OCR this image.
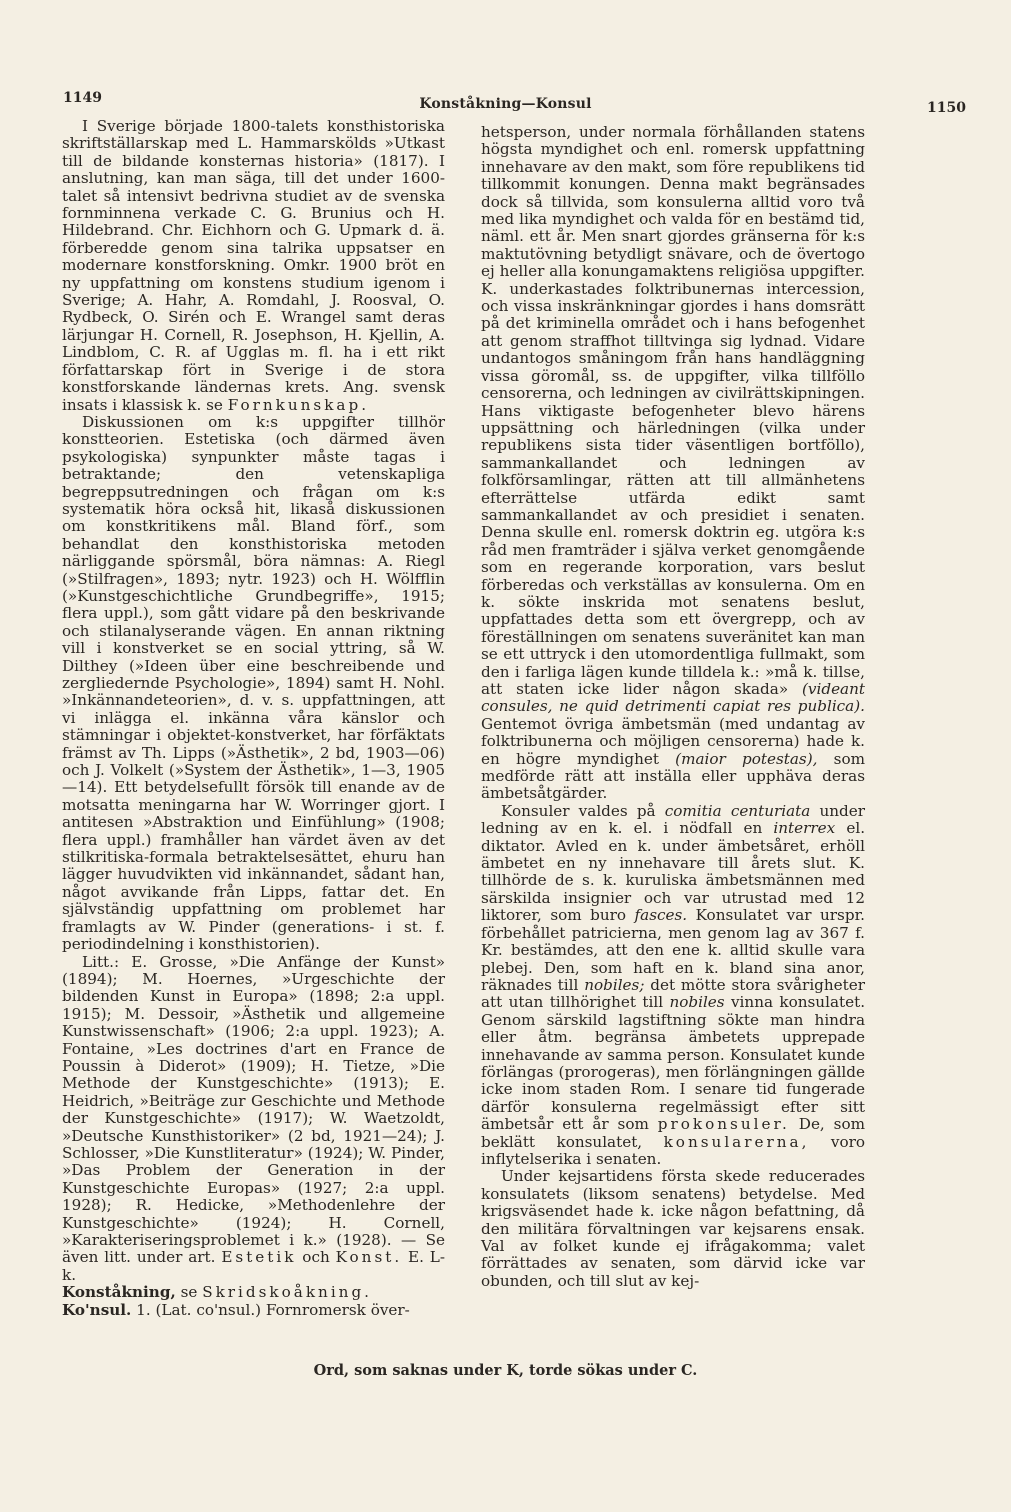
1149	Konståkning—Konsul	1150

I Sverige började 1800-talets konsthistoriska skriftställarskap med L. Hammarskölds »Utkast till de bildande konsternas historia» (1817). I anslutning, kan man säga, till det under 1600-talet så intensivt bedrivna studiet av de svenska fornminnena verkade C. G. Brunius och H. Hildebrand. Chr. Eichhorn och G. Upmark d. ä. förberedde genom sina talrika uppsatser en modernare konstforskning. Omkr. 1900 bröt en ny uppfattning om konstens studium igenom i Sverige; A. Hahr, A. Romdahl, J. Roosval, O. Rydbeck, O. Sirén och E. Wrangel samt deras lärjungar H. Cornell, R. Josephson, H. Kjellin, A. Lindblom, C. R. af Ugglas m. fl. ha i ett rikt författarskap fört in Sverige i de stora konstforskande ländernas krets. Ang. svensk insats i klassisk k. se Fornkunskap.

Diskussionen om k:s uppgifter tillhör konstteorien. Estetiska (och därmed även psykologiska) synpunkter måste tagas i betraktande; den vetenskapliga begreppsutredningen och frågan om k:s systematik höra också hit, likaså diskussionen om konstkritikens mål. Bland förf., som behandlat den konsthistoriska metoden närliggande spörsmål, böra nämnas: A. Riegl (»Stilfragen», 1893; nytr. 1923) och H. Wölfflin (»Kunstgeschichtliche Grundbegriffe», 1915; flera uppl.), som gått vidare på den beskrivande och stilanalyserande vägen. En annan riktning vill i konstverket se en social yttring, så W. Dilthey (»Ideen über eine beschreibende und zergliedernde Psychologie», 1894) samt H. Nohl. »Inkännandeteorien», d. v. s. uppfattningen, att vi inlägga el. inkänna våra känslor och stämningar i objektet-konstverket, har förfäktats främst av Th. Lipps (»Ästhetik», 2 bd, 1903—06) och J. Volkelt (»System der Ästhetik», 1—3, 1905—14). Ett betydelsefullt försök till enande av de motsatta meningarna har W. Worringer gjort. I antitesen »Abstraktion und Einfühlung» (1908; flera uppl.) framhåller han värdet även av det stilkritiska-formala betraktelsesättet, ehuru han lägger huvudvikten vid inkännandet, sådant han, något avvikande från Lipps, fattar det. En självständig uppfattning om problemet har framlagts av W. Pinder (generations- i st. f. periodindelning i konsthistorien).

Litt.: E. Grosse, »Die Anfänge der Kunst» (1894); M. Hoernes, »Urgeschichte der bildenden Kunst in Europa» (1898; 2:a uppl. 1915); M. Dessoir, »Ästhetik und allgemeine Kunstwissenschaft» (1906; 2:a uppl. 1923); A. Fontaine, »Les doctrines d'art en France de Poussin à Diderot» (1909); H. Tietze, »Die Methode der Kunstgeschichte» (1913); E. Heidrich, »Beiträge zur Geschichte und Methode der Kunstgeschichte» (1917); W. Waetzoldt, »Deutsche Kunsthistoriker» (2 bd, 1921—24); J. Schlosser, »Die Kunstliteratur» (1924); W. Pinder, »Das Problem der Generation in der Kunstgeschichte Europas» (1927; 2:a uppl. 1928); R. Hedicke, »Methodenlehre der Kunstgeschichte» (1924); H. Cornell, »Karakteriseringsproblemet i k.» (1928). — Se även litt. under art. Estetik och Konst. E. L-k.

Konståkning, se Skridskoåkning.

Ko'nsul. 1. (Lat. co'nsul.) Fornromersk över-

hetsperson, under normala förhållanden statens högsta myndighet och enl. romersk uppfattning innehavare av den makt, som före republikens tid tillkommit konungen. Denna makt begränsades dock så tillvida, som konsulerna alltid voro två med lika myndighet och valda för en bestämd tid, näml. ett år. Men snart gjordes gränserna för k:s maktutövning betydligt snävare, och de övertogo ej heller alla konungamaktens religiösa uppgifter. K. underkastades folktribunernas intercession, och vissa inskränkningar gjordes i hans domsrätt på det kriminella området och i hans befogenhet att genom straffhot tilltvinga sig lydnad. Vidare undantogos småningom från hans handläggning vissa göromål, ss. de uppgifter, vilka tillföllo censorerna, och ledningen av civilrättskipningen. Hans viktigaste befogenheter blevo härens uppsättning och härledningen (vilka under republikens sista tider väsentligen bortföllo), sammankallandet och ledningen av folkförsamlingar, rätten att till allmänhetens efterrättelse utfärda edikt samt sammankallandet av och presidiet i senaten. Denna skulle enl. romersk doktrin eg. utgöra k:s råd men framträder i själva verket genomgående som en regerande korporation, vars beslut förberedas och verkställas av konsulerna. Om en k. sökte inskrida mot senatens beslut, uppfattades detta som ett övergrepp, och av föreställningen om senatens suveränitet kan man se ett uttryck i den utomordentliga fullmakt, som den i farliga lägen kunde tilldela k.: »må k. tillse, att staten icke lider någon skada» (videant consules, ne quid detrimenti capiat res publica). Gentemot övriga ämbetsmän (med undantag av folktribunerna och möjligen censorerna) hade k. en högre myndighet (maior potestas), som medförde rätt att inställa eller upphäva deras ämbetsåtgärder.

Konsuler valdes på comitia centuriata under ledning av en k. el. i nödfall en interrex el. diktator. Avled en k. under ämbetsåret, erhöll ämbetet en ny innehavare till årets slut. K. tillhörde de s. k. kuruliska ämbetsmännen med särskilda insignier och var utrustad med 12 liktorer, som buro fasces. Konsulatet var urspr. förbehållet patricierna, men genom lag av 367 f. Kr. bestämdes, att den ene k. alltid skulle vara plebej. Den, som haft en k. bland sina anor, räknades till nobiles; det mötte stora svårigheter att utan tillhörighet till nobiles vinna konsulatet. Genom särskild lagstiftning sökte man hindra eller åtm. begränsa ämbetets upprepade innehavande av samma person. Konsulatet kunde förlängas (prorogeras), men förlängningen gällde icke inom staden Rom. I senare tid fungerade därför konsulerna regelmässigt efter sitt ämbetsår ett år som prokonsuler. De, som beklätt konsulatet, konsularerna, voro inflytelserika i senaten.

Under kejsartidens första skede reducerades konsulatets (liksom senatens) betydelse. Med krigsväsendet hade k. icke någon befattning, då den militära förvaltningen var kejsarens ensak. Val av folket kunde ej ifrågakomma; valet förrättades av senaten, som därvid icke var obunden, och till slut av kej-

Ord, som saknas under K, torde sökas under C.
